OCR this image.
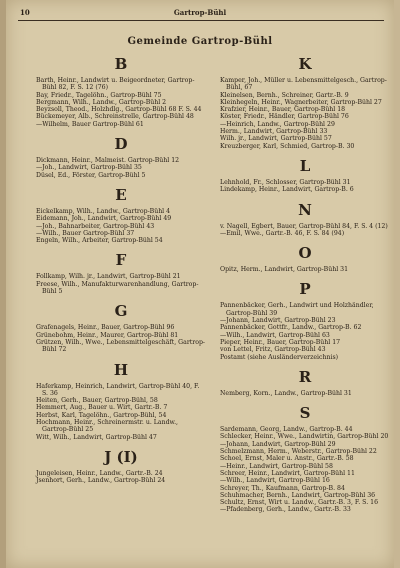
Gartrop-Bühl
10
Gemeinde Gartrop-Bühl
B
Barth, Heinr., Landwirt u. Beigeordneter, Gartrop-Bühl 82, F. S. 12 (76)
Bay, Friedr., Tagelöhn., Gartrop-Bühl 75
Bergmann, Wilh., Landw., Gartrop-Bühl 2
Beyzsoll, Theod., Holzhdlg., Gartrop-Bühl 68 F. S. 44
Bückemeyer, Alb., Schreinstrelle, Gartrop-Bühl 48
—Wilhelm, Bauer Gartrop-Bühl 61
D
Dickmann, Heinr., Malmeist. Gartrop-Bühl 12
—Joh., Landwirt, Gartrop-Bühl 35
Düsel, Ed., Förster, Gartrop-Bühl 5
E
Eickelkamp, Wilh., Landw., Gartrop-Bühl 4
Eidemann, Joh., Landwirt, Gartrop-Bühl 49
—Joh., Bahnarbeiter, Gartrop-Bühl 43
—Wilh., Bauer Gartrop-Bühl 37
Engeln, Wilh., Arbeiter, Gartrop-Bühl 54
F
Follkamp, Wilh. jr., Landwirt, Gartrop-Bühl 21
Freese, Wilh., Manufakturwarenhandlung, Gartrop-Bühl 5
G
Grafenagels, Heinr., Bauer, Gartrop-Bühl 96
Grünebohm, Heinr., Maurer, Gartrop-Bühl 81
Grützen, Wilh., Wwe., Lebensmittelgeschäft, Gartrop-Bühl 72
H
Haferkamp, Heinrich, Landwirt, Gartrop-Bühl 40, F. S. 36
Heiten, Gerh., Bauer, Gartrop-Bühl, 58
Hemmert, Aug., Bauer u. Wirt, Gartr.-B. 7
Herbst, Karl, Tagelöhn., Gartrop-Bühl, 54
Hochmann, Heinr., Schreinermstr. u. Landw., Gartrop-Bühl 25
Witt, Wilh., Landwirt, Gartrop-Bühl 47
J (I)
Jungeleisen, Heinr., Landw., Gartr.-B. 24
Jsenhort, Gerh., Landw., Gartrop-Bühl 24
K
Kamper, Joh., Müller u. Lebensmittelgesch., Gartrop-Bühl, 67
Kleinelsen, Bernh., Schreiner, Gartr.-B. 9
Kleinhegeln, Heinr., Wagnerbeiter, Gartrop-Bühl 27
Krafzier, Heinr., Bauer, Gartrop-Bühl 18
Köster, Friedr., Händler, Gartrop-Bühl 76
—Heinrich, Landw., Gartrop-Bühl 29
Herm., Landwirt, Gartrop-Bühl 33
Wilh. jr., Landwirt, Gartrop-Bühl 57
Kreuzberger, Karl, Schmied, Gartrop-B. 30
L
Lehnhold, Fr., Schlosser, Gartrop-Bühl 31
Lindekamp, Heinr., Landwirt, Gartrop-B. 6
N
v. Nagell, Egbert, Bauer, Gartrop-Bühl 84, F. S. 4 (12)
—Emil, Wwe., Gartr.-B. 46, F. S. 84 (94)
O
Opitz, Herm., Landwirt, Gartrop-Bühl 31
P
Pannenbäcker, Gerh., Landwirt und Holzhändler, Gartrop-Bühl 39
—Johann, Landwirt, Gartrop-Bühl 23
Pannenbäcker, Gottfr., Landw., Gartrop-B. 62
—Wilh., Landwirt, Gartrop-Bühl 63
Pieper, Heinr., Bauer, Gartrop-Bühl 17
von Lettel, Fritz, Gartrop-Bühl 43
Postamt (siehe Ausländerverzeichnis)
R
Nemberg, Korn., Landw., Gartrop-Bühl 31
S
Sardemann, Georg, Landw., Gartrop-B. 44
Schlecker, Heinr., Wwe., Landwirtin, Gartrop-Bühl 20
—Johann, Landwirt, Gartrop-Bühl 29
Schmelzmann, Herm., Weberstr., Gartrop-Bühl 22
Schoel, Ernst, Maler u. Anstr., Gartr.-B. 58
—Heinr., Landwirt, Gartrop-Bühl 58
Schreer, Heinr., Landwirt, Gartrop-Bühl 11
—Wilh., Landwirt, Gartrop-Bühl 16
Schreyer, Th., Kaufmann, Gartrop-B. 84
Schuhmacher, Bernh., Landwirt, Gartrop-Bühl 36
Schultz, Ernst, Wirt u. Landw., Gartr.-B. 3, F. S. 16
—Pfadenberg, Gerh., Landw., Gartr.-B. 33
